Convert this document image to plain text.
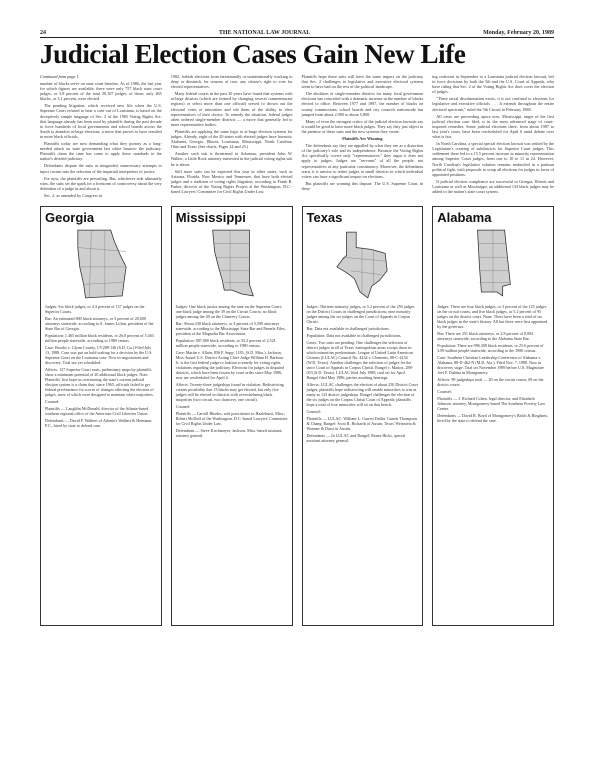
24	THE NATIONAL LAW JOURNAL	Monday, February 20, 1989
Judicial Election Cases Gain New Life
Continued from page 1

number of blacks serve on state court benches. As of 1986, the last year for which figures are available, there were only 757 black state court judges, or 3.8 percent of the total 20,107 judges; of those, only 465 blacks, or 3.1 percent, were elected.

The pending litigation, which received new life when the U.S. Supreme Court refused to hear a case out of Louisiana, is based on the deceptively simple language of Sec. 2 of the 1965 Voting Rights Act: that language already has been used by plaintiffs during the past decade to force hundreds of local governments and school boards across the South to abandon at-large elections, a move that proves to have resulted in more black officials.

Plaintiffs today are now demanding what they portray as a long-needed attack on state government last white bastion: the judiciary. Plaintiffs claim the time has come to apply these standards to the nation's divided judiciary.

Defendants dispute the suits as misguided, unnecessary attempts to inject racism into the selection of the impartial interpreters of justice.

For now, the plaintiffs are prevailing. But, whichever side ultimately wins, the suits set the spark for a firestorm of controversy about the very definition of a judge in and about it.

Sec. 2, as amended by Congress in

1982, forbids elections from intentionally or unintentionally working to deny or diminish, for reasons of race, any citizen's right to vote for elected representatives.

Many federal courts in the past 20 years have found that systems with at-large districts (which are formed by changing several commensurate regions) or select more than one official) served to drown out the electoral votes of minorities and rob them of the ability to elect representatives of their choice. To remedy the situation, federal judges often ordered single-member districts — a move that generally led to more representative bodies.

Plaintiffs are applying the same logic to at-large election systems for judges. Already, eight of the 20 states with elected judges have lawsuits: Alabama, Georgia, Illinois, Louisiana, Mississippi, North Carolina, Ohio and Texas (See charts, Pages 24 and 25.)

Another such suit is threatened in Arkansas, president John W. Walker, a Little Rock attorney interested in the judicial voting rights suit he is about.

Still more suits can be expected this year in other states, such as Arizona, Florida, New Mexico and Tennessee, that have both elected judges and a tradition of voting rights litigation, according to Frank R. Parker, director of the Voting Rights Project at the Washington, D.C.-based Lawyers' Committee for Civil Rights Under Law.

Plaintiffs hope these suits will have the same impact on the judiciary that Sec. 2 challenges to legislative and executive electoral systems seem to have had on the rest of the political landscape.

The abolition of single-member districts for many local government elections has coincided with a dramatic increase in the number of blacks elected to office. Between 1977 and 1987, the number of blacks on county commissions, school boards and city councils nationwide has jumped from about 2,900 to about 5,800.

Many of even the strongest critics of the judicial election lawsuits say it would be good to have more black judges. They say they just object to the premise of these suits and the new systems they create.

Plaintiffs Are Winning

The defendants say they are appalled by what they see as a distortion of the judiciary's role and its independence. Because the Voting Rights Act specifically covers only "representatives," they argue it does not apply to judges. Judges are "servants" of all the people, not representatives of any particular constituency. Moreover, the defendants warn, it is unwise to tether judges to small districts in which individual voters can have a significant impact on elections.

But plaintiffs are winning this dispute. The U.S. Supreme Court, in deny-

ing certiorari in September to a Louisiana judicial election lawsuit, left in force decisions by both the 5th and the U.S. Court of Appeals, who have ruling that Sec. 2 of the Voting Rights Act does cover the election of judges.

"There racial discrimination exists, it is not confined to elections for legislative and executive officials . . . It extends throughout the entire electoral spectrum," ruled the 5th Circuit in February 1988.

All cases are proceeding apace now. Mississippi, target of the first judicial election case filed, is in the most advanced stage of court-imposed remedies. Some judicial elections there, from about 1987 to last year's court, have been rescheduled for April 6 amid debate over what is fair.

In North Carolina, a special special election lawsuit was settled by the Legislature's creating of subdistricts for Superior Court judges. This settlement there led to a 15.5 percent increase in minority representation among Superior Court judges, from one to 10 to 11 in 24. However, North Carolina's legislative solution remains embroiled in a partisan political fight, with proposals to scrap all elections for judges in favor of appointed positions.

If judicial election compliance are successful in Georgia, Illinois and Louisiana as well as Mississippi, an additional 134 black judges may be added to the nation's state court system.

Georgia

Judges: Six black judges, or 4.4 percent of 137 judges on the Superior Courts.

Bar: An estimated 800 black attorneys, or 3 percent of 20,000 attorneys statewide, according to A. James Lifton, president of the State Bar of Georgia.

Population: 1.465 million black residents, or 26.8 percent of 5.463 million people statewide, according to 1980 census.

Case: Brooks v. Glynn County, CV288-146 (S.D. Ga.) Filed July 13, 1988. Case was put on hold waiting for a decision by the U.S. Supreme Court on the Louisiana case. Now in negotiations and discovery. Trial not yet scheduled.

Affects: 137 Superior Court seats, preliminary maps by plaintiffs show a minimum potential of 20 additional black judges. Note: Plaintiffs' first hope in overturning the state's current judicial election system is a claim that, since 1965, officials failed to get federal preclearance for scores of changes affecting the election of judges, most of which were designed to maintain white majorities.

Counsel:

Plaintiffs — Laughlin McDonald, director of the Atlanta-based southern regional office of the American Civil Liberties Union.

Defendants — David F. Walbert of Atlanta's Walbert & Hermann P.C., hired by state to defend case.

Mississippi

Judges: One black justice among the nine on the Supreme Court; one black judge among the 39 on the Circuit Courts; no black judges among the 40 on the Chancery Courts.

Bar: About 230 black attorneys, or 4 percent of 5,500 attorneys statewide, according to the Mississippi State Bar and Pamela Files, president of the Magnolia Bar Association.

Population: 887,000 black residents, or 35.2 percent of 2.521 million people statewide, according to 1980 census.

Case: Martin v. Allain, 856 F. Supp. 1183, (S.D. Miss.). Jackson, Miss.-based U.S. District Acting Chief Judge William H. Barbour Jr. is the first federal judge to fashion a remedy for voting rights violations regarding the judiciary. Elections for judges in disputed districts, which have been frozen by court order since May 1986, now are rescheduled for April 4.

Affects: Twenty-three judgeships found in violation. Redistricting creates possibility that 13 blacks may get elected, but only five judges will be elected in districts with overwhelming black majorities (two circuit, two chancery, one circuit).

Counsel:

Plaintiffs — Carroll Rhodes, sole practitioner in Hazlehurst, Miss.; Robert McDuff of the Washington, D.C.-based Lawyers' Committee for Civil Rights Under Law.

Defendants — Steve Kirchmayer, Jackson, Miss.-based assistant attorney general.

Texas

Judges: Thirteen minority judges, or 5.2 percent of the 250 judges on the District Courts in challenged jurisdictions; nine minority judges among the six judges on the Court of Appeals in Corpus Christi.

Bar: Data not available in challenged jurisdictions.

Population: Data not available in challenged jurisdictions.

Cases: Two suits are pending. One challenges the selection of district judges in all of Texas' metropolitan areas except those in which minorities predominate. League of United Latin American Citizens (LULAC) Council No. 4434 v. Clements, 88-C-4154 (W.D. Texas). Another challenges the selection of judges for the since Court of Appeals in Corpus Christi. Rangel v. Mattox, 288-053 (S.D. Texas). LULAC filed July 1988, trial set for April. Rangel filed May 1986, parties awaiting hearings.

Affects: LULAC challenges the election of about 250 District Court judges; plaintiffs hope redistricting will enable minorities to win as many as 123 district judgeships. Rangel challenges the election of the six judges on the Corpus Christi Court of Appeals; plaintiffs hope a total of four minorities will sit on that bench.

Counsel:

Plaintiffs — LULAC: William L. Garrett Dallas' Garrett Thompson & Chang; Rangel: Scott R. Richards of Austin, Texas' Weinstein & Wasmer & Durst in Austin.

Defendants — In LULAC and Rangel: Renea Hicks, special assistant attorney general.

Alabama

Judges: There are four black judges, or 3 percent of the 125 judges on the circuit courts, and five black judges, or 5.2 percent of 95 judges on the district court. None. There have been a total of six black judges in the state's history. All but three were first appointed by the governor.

Bar: There are 251 black attorneys, or 2.8 percent of 8,894 attorneys statewide, according to the Alabama State Bar.

Population: There are 996,300 black residents, or 25.6 percent of 3.89 million people statewide, according to the 1980 census.

Case: Southern Christian Leadership Conference of Alabama v. Alabama, 88-D-462-N (M.D. Ala.). Filed Nov. 7, 1988. Now in discovery stage. Trial set November 1989 before U.S. Magistrate Joel F. Dubina in Montgomery.

Affects: 99 judgeships total — 20 on the circuit courts, 69 on the district courts.

Counsel:

Plaintiffs — J. Richard Cohen, legal director, and Elizabeth Johnson, attorney, Montgomery-based The Southern Poverty Law Center.

Defendants — David R. Boyd of Montgomery's Balch & Bingham, hired by the state to defend the case.
